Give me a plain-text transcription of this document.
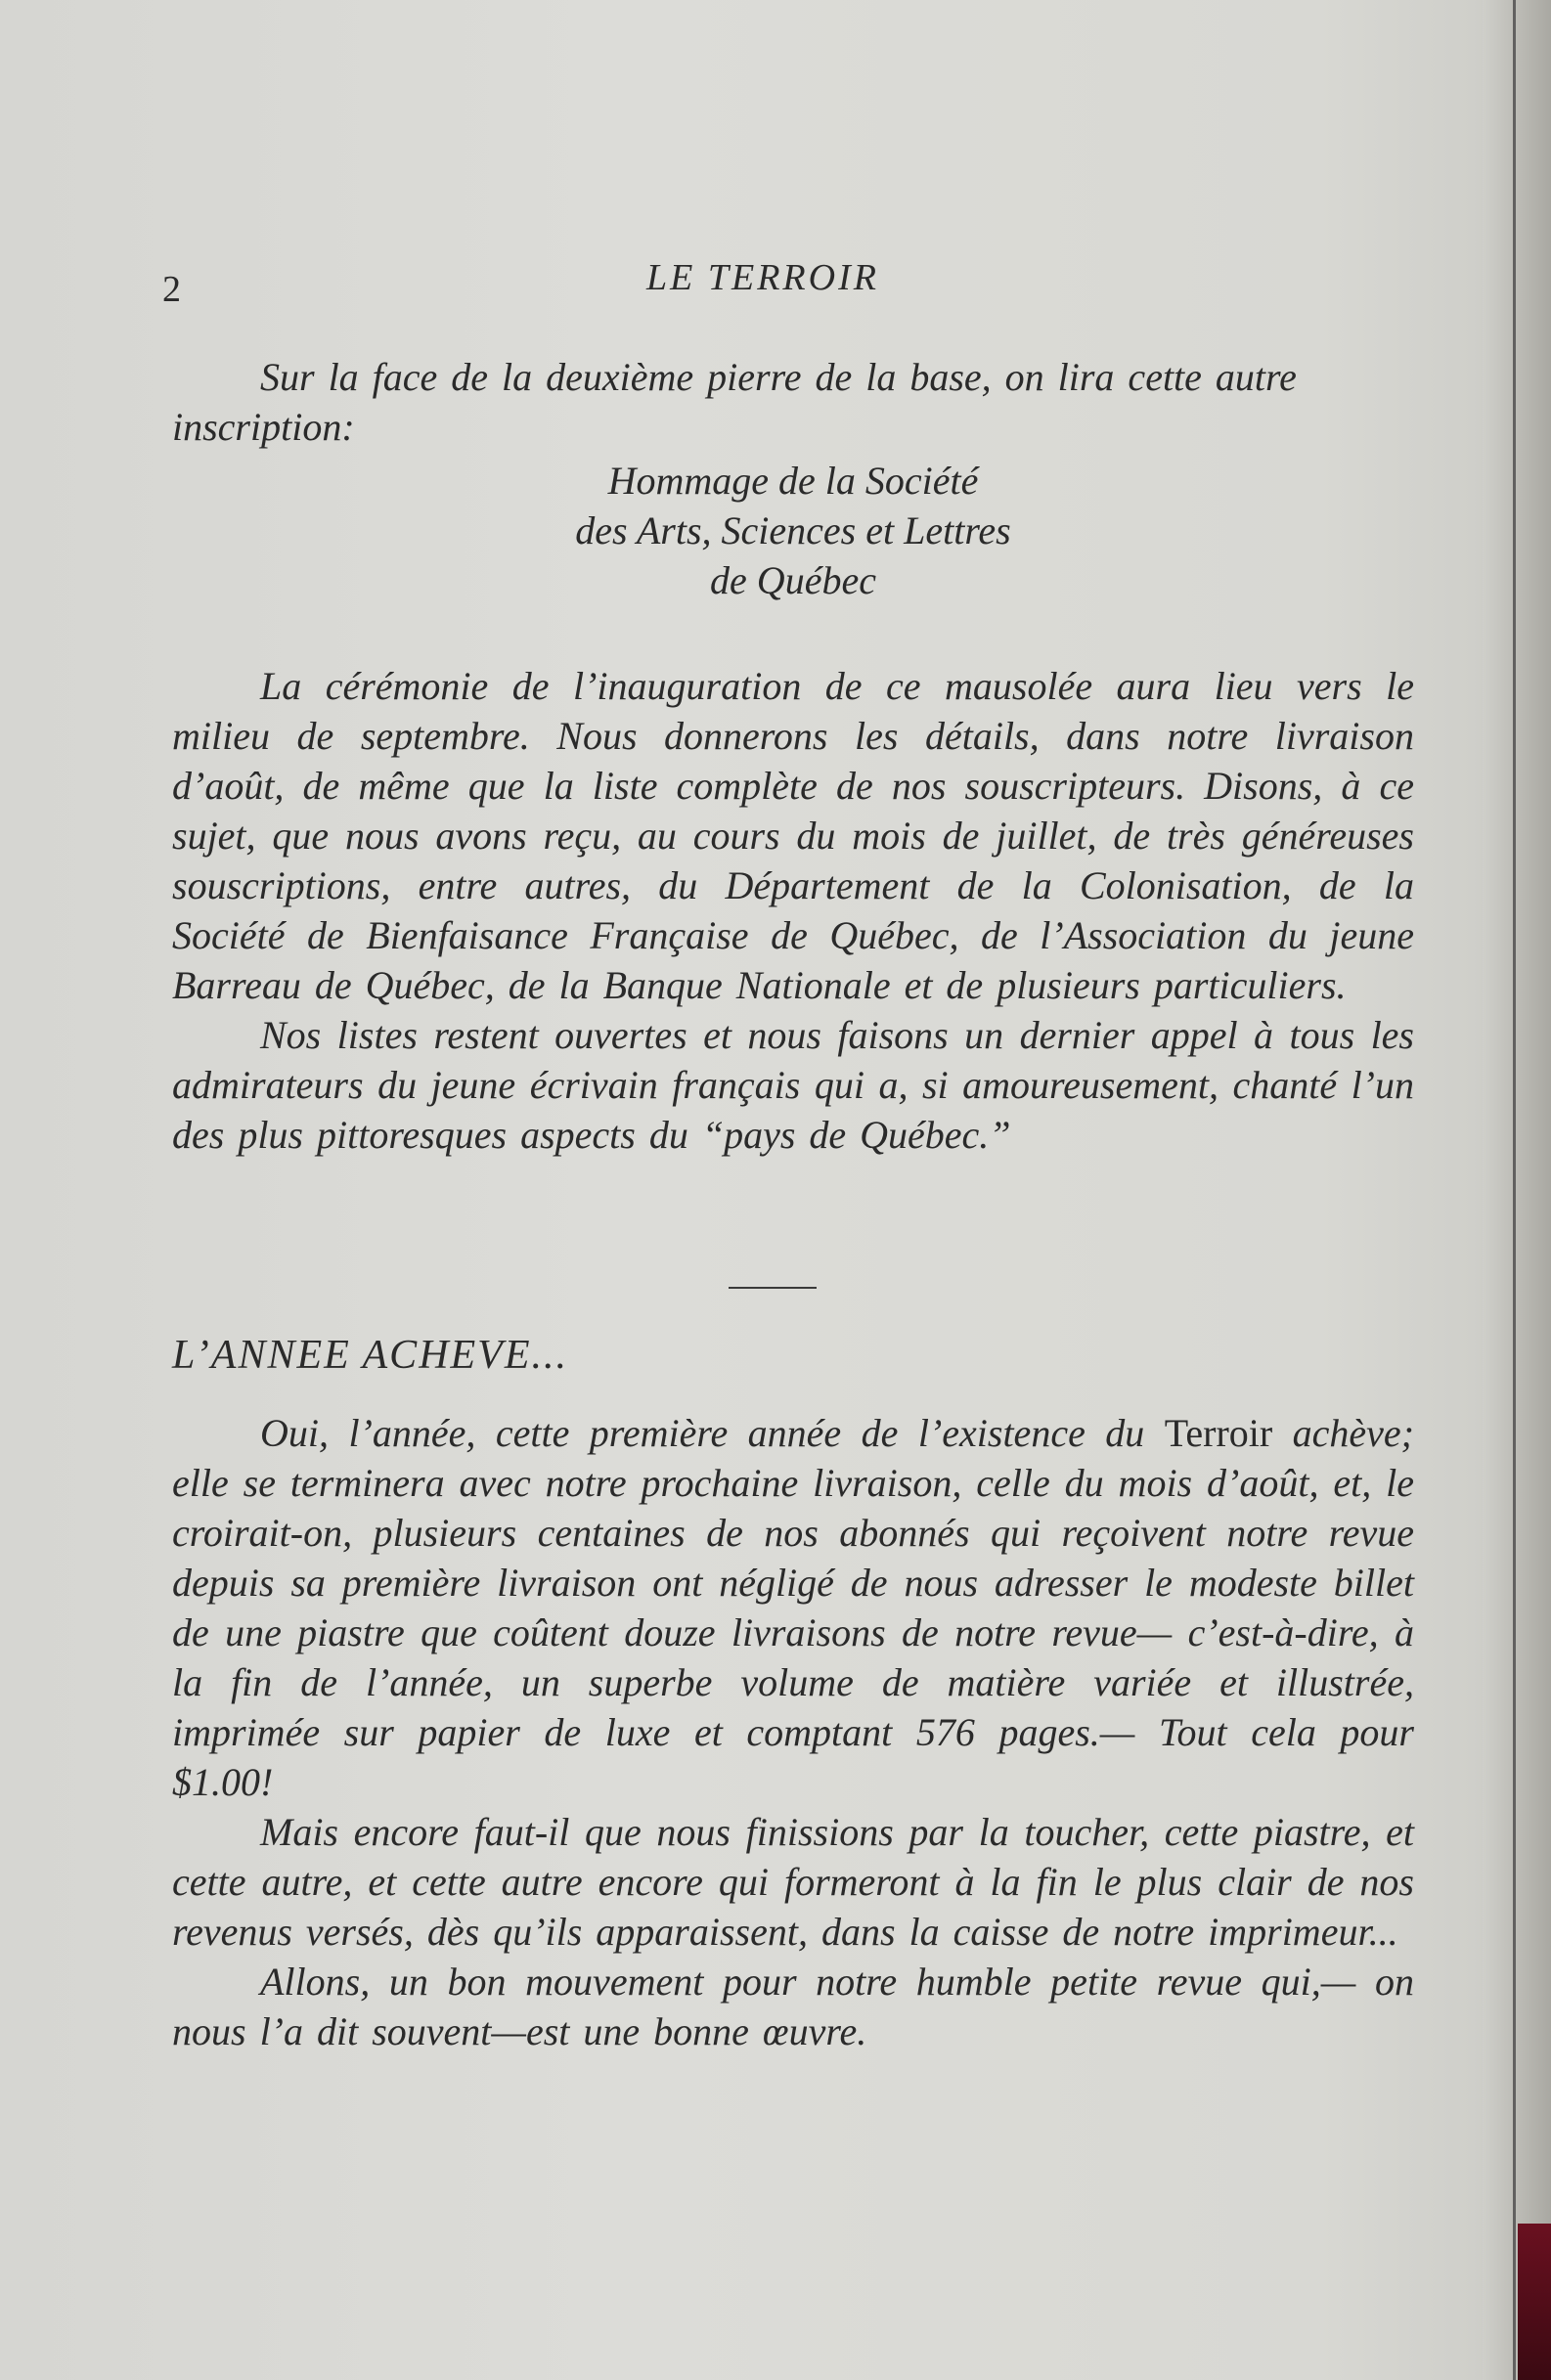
2	LE TERROIR

Sur la face de la deuxième pierre de la base, on lira cette autre

inscription:

Hommage de la Société

des Arts, Sciences et Lettres

de Québec

La cérémonie de l’inauguration de ce mausolée aura lieu vers le milieu de septembre. Nous donnerons les détails, dans notre livraison d’août, de même que la liste complète de nos souscripteurs. Disons, à ce sujet, que nous avons reçu, au cours du mois de juillet, de très généreuses souscriptions, entre autres, du Département de la Colonisation, de la Société de Bienfaisance Française de Québec, de l’Association du jeune Barreau de Québec, de la Banque Nationale et de plusieurs particuliers.

Nos listes restent ouvertes et nous faisons un dernier appel à tous les admirateurs du jeune écrivain français qui a, si amoureusement, chanté l’un des plus pittoresques aspects du “pays de Québec.”

L’ANNEE ACHEVE...

Oui, l’année, cette première année de l’existence du Terroir achève; elle se terminera avec notre prochaine livraison, celle du mois d’août, et, le croirait-on, plusieurs centaines de nos abonnés qui reçoivent notre revue depuis sa première livraison ont négligé de nous adresser le modeste billet de une piastre que coûtent douze livraisons de notre revue— c’est-à-dire, à la fin de l’année, un superbe volume de matière variée et illustrée, imprimée sur papier de luxe et comptant 576 pages.— Tout cela pour $1.00!

Mais encore faut-il que nous finissions par la toucher, cette piastre, et cette autre, et cette autre encore qui formeront à la fin le plus clair de nos revenus versés, dès qu’ils apparaissent, dans la caisse de notre imprimeur...

Allons, un bon mouvement pour notre humble petite revue qui,— on nous l’a dit souvent—est une bonne œuvre.
